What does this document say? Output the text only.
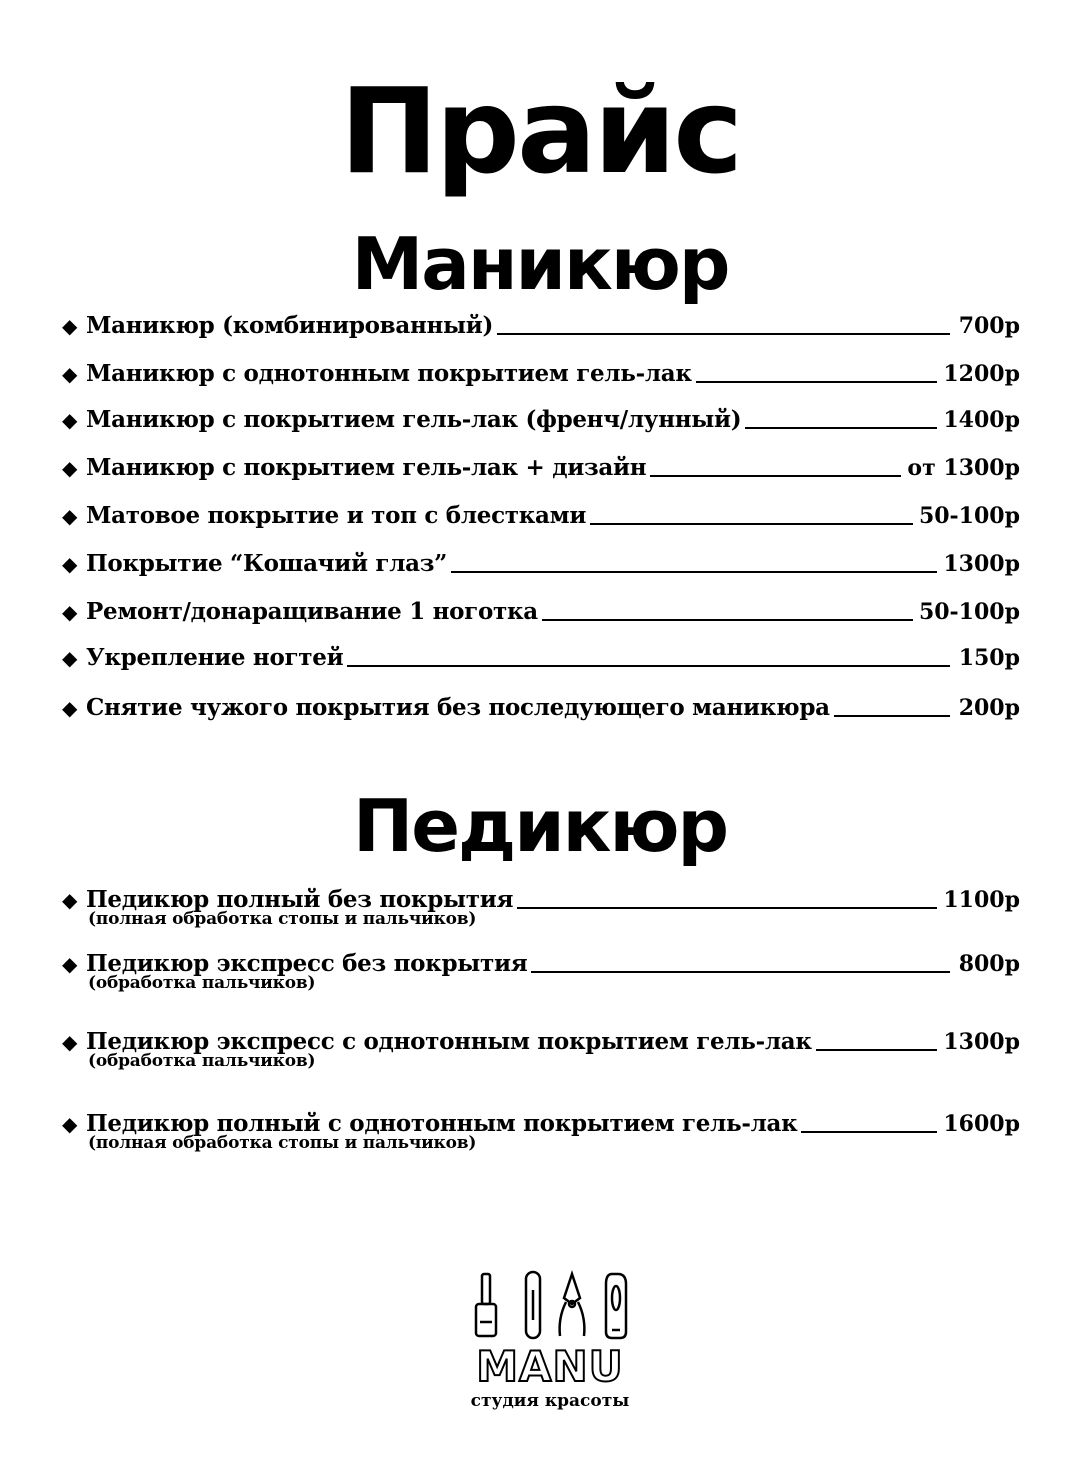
Прайс
Маникюр
◆ Маникюр (комбинированный)	700р
◆ Маникюр с однотонным покрытием гель-лак	1200р
◆ Маникюр с покрытием гель-лак (френч/лунный)	1400р
◆ Маникюр с покрытием гель-лак + дизайн	от 1300р
◆ Матовое покрытие и топ с блестками	50-100р
◆ Покрытие “Кошачий глаз”	1300р
◆ Ремонт/донаращивание 1 ноготка	50-100р
◆ Укрепление ногтей	150р
◆ Снятие чужого покрытия без последующего маникюра	200р
Педикюр
◆ Педикюр полный без покрытия	1100р
(полная обработка стопы и пальчиков)
◆ Педикюр экспресс без покрытия	800р
(обработка пальчиков)
◆ Педикюр экспресс с однотонным покрытием гель-лак	1300р
(обработка пальчиков)
◆ Педикюр полный с однотонным покрытием гель-лак	1600р
(полная обработка стопы и пальчиков)
MANU
студия красоты
